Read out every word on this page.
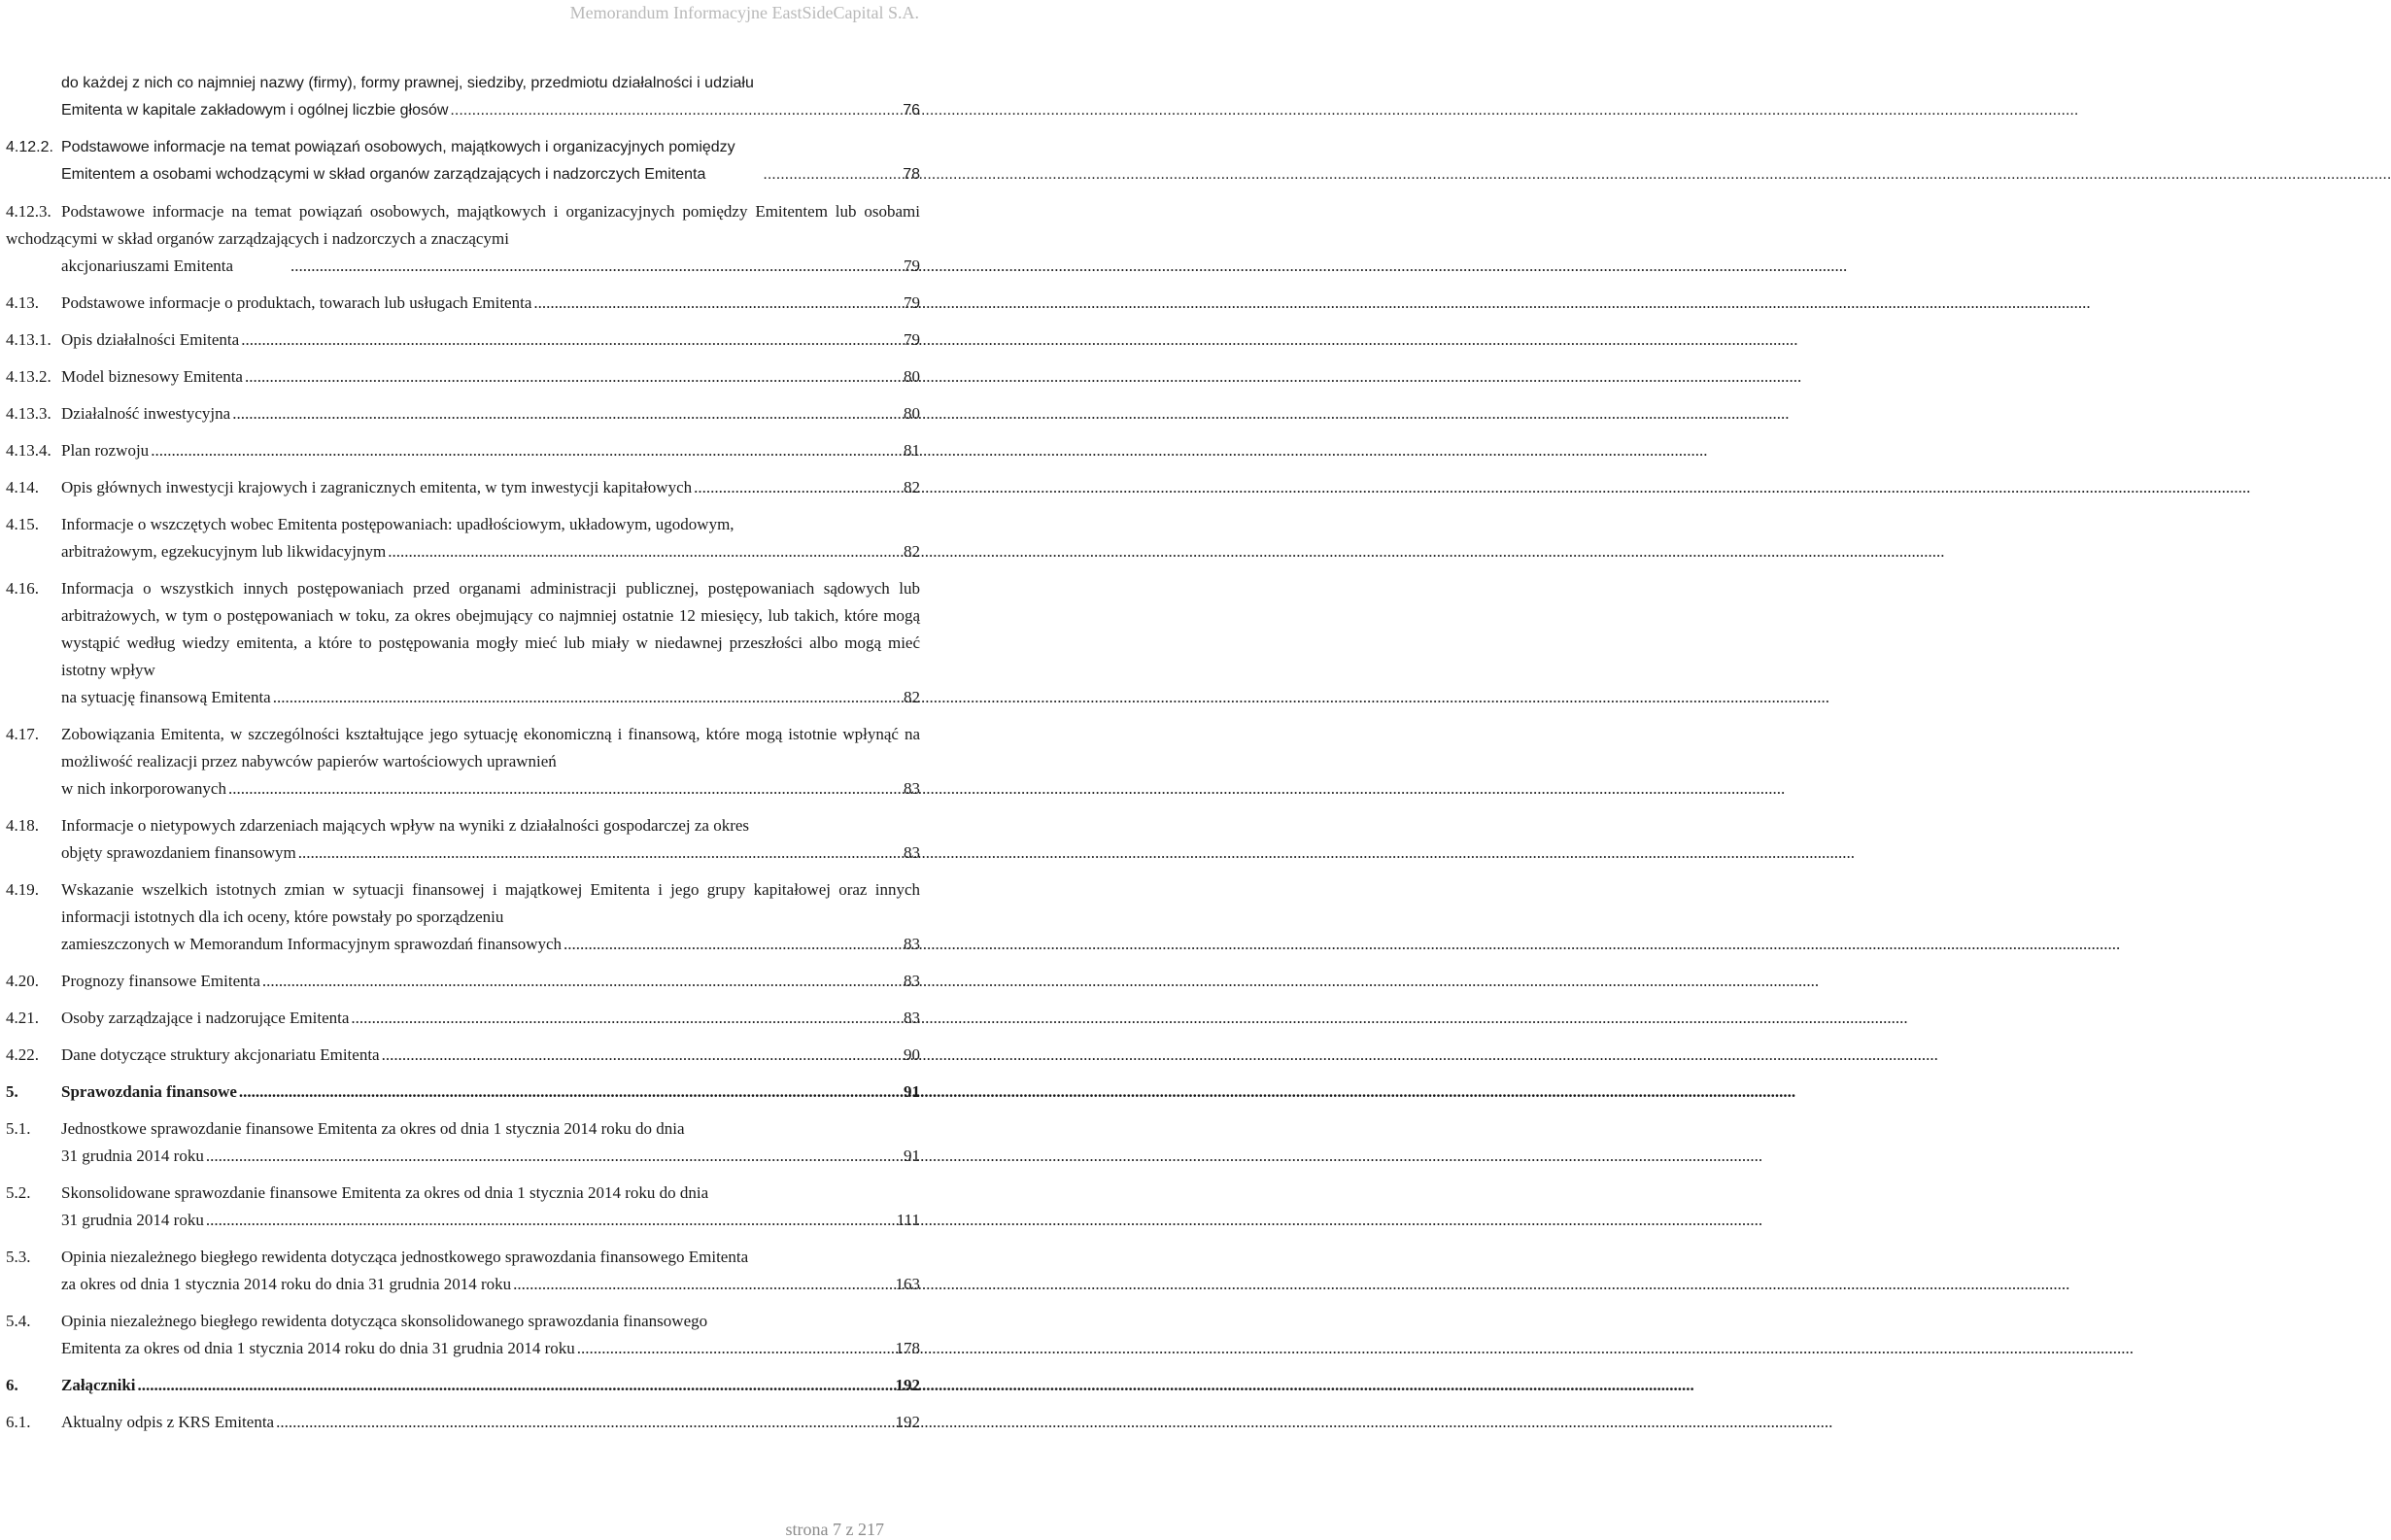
Memorandum Informacyjne EastSideCapital S.A.
do każdej z nich co najmniej nazwy (firmy), formy prawnej, siedziby, przedmiotu działalności i udziału
Emitenta w kapitale zakładowym i ogólnej liczbie głosów .....	76
4.12.2. Podstawowe informacje na temat powiązań osobowych, majątkowych i organizacyjnych pomiędzy
Emitentem a osobami wchodzącymi w skład organów zarządzających i nadzorczych Emitenta .....	78
4.12.3. Podstawowe informacje na temat powiązań osobowych, majątkowych i organizacyjnych pomiędzy Emitentem lub osobami wchodzącymi w skład organów zarządzających i nadzorczych a znaczącymi
akcjonariuszami Emitenta .....	79
4.13. Podstawowe informacje o produktach, towarach lub usługach Emitenta .....	79
4.13.1. Opis działalności Emitenta .....	79
4.13.2. Model biznesowy Emitenta .....	80
4.13.3. Działalność inwestycyjna .....	80
4.13.4. Plan rozwoju .....	81
4.14. Opis głównych inwestycji krajowych i zagranicznych emitenta, w tym inwestycji kapitałowych .....	82
4.15. Informacje o wszczętych wobec Emitenta postępowaniach: upadłościowym, układowym, ugodowym,
arbitrażowym, egzekucyjnym lub likwidacyjnym .....	82
4.16. Informacja o wszystkich innych postępowaniach przed organami administracji publicznej, postępowaniach sądowych lub arbitrażowych, w tym o postępowaniach w toku, za okres obejmujący co najmniej ostatnie 12 miesięcy, lub takich, które mogą wystąpić według wiedzy emitenta, a które to postępowania mogły mieć lub miały w niedawnej przeszłości albo mogą mieć istotny wpływ
na sytuację finansową Emitenta .....	82
4.17. Zobowiązania Emitenta, w szczególności kształtujące jego sytuację ekonomiczną i finansową, które mogą istotnie wpłynąć na możliwość realizacji przez nabywców papierów wartościowych uprawnień
w nich inkorporowanych .....	83
4.18. Informacje o nietypowych zdarzeniach mających wpływ na wyniki z działalności gospodarczej za okres
objęty sprawozdaniem finansowym .....	83
4.19. Wskazanie wszelkich istotnych zmian w sytuacji finansowej i majątkowej Emitenta i jego grupy kapitałowej oraz innych informacji istotnych dla ich oceny, które powstały po sporządzeniu
zamieszczonych w Memorandum Informacyjnym sprawozdań finansowych .....	83
4.20. Prognozy finansowe Emitenta .....	83
4.21. Osoby zarządzające i nadzorujące Emitenta .....	83
4.22. Dane dotyczące struktury akcjonariatu Emitenta .....	90
5.	Sprawozdania finansowe .....	91
5.1. Jednostkowe sprawozdanie finansowe Emitenta za okres od dnia 1 stycznia 2014 roku do dnia
31 grudnia 2014 roku .....	91
5.2. Skonsolidowane sprawozdanie finansowe Emitenta za okres od dnia 1 stycznia 2014 roku do dnia
31 grudnia 2014 roku .....	111
5.3. Opinia niezależnego biegłego rewidenta dotycząca jednostkowego sprawozdania finansowego Emitenta
za okres od dnia 1 stycznia 2014 roku do dnia 31 grudnia 2014 roku .....	163
5.4. Opinia niezależnego biegłego rewidenta dotycząca skonsolidowanego sprawozdania finansowego
Emitenta za okres od dnia 1 stycznia 2014 roku do dnia 31 grudnia 2014 roku .....	178
6.	Załączniki .....	192
6.1. Aktualny odpis z KRS Emitenta .....	192
strona 7 z 217
